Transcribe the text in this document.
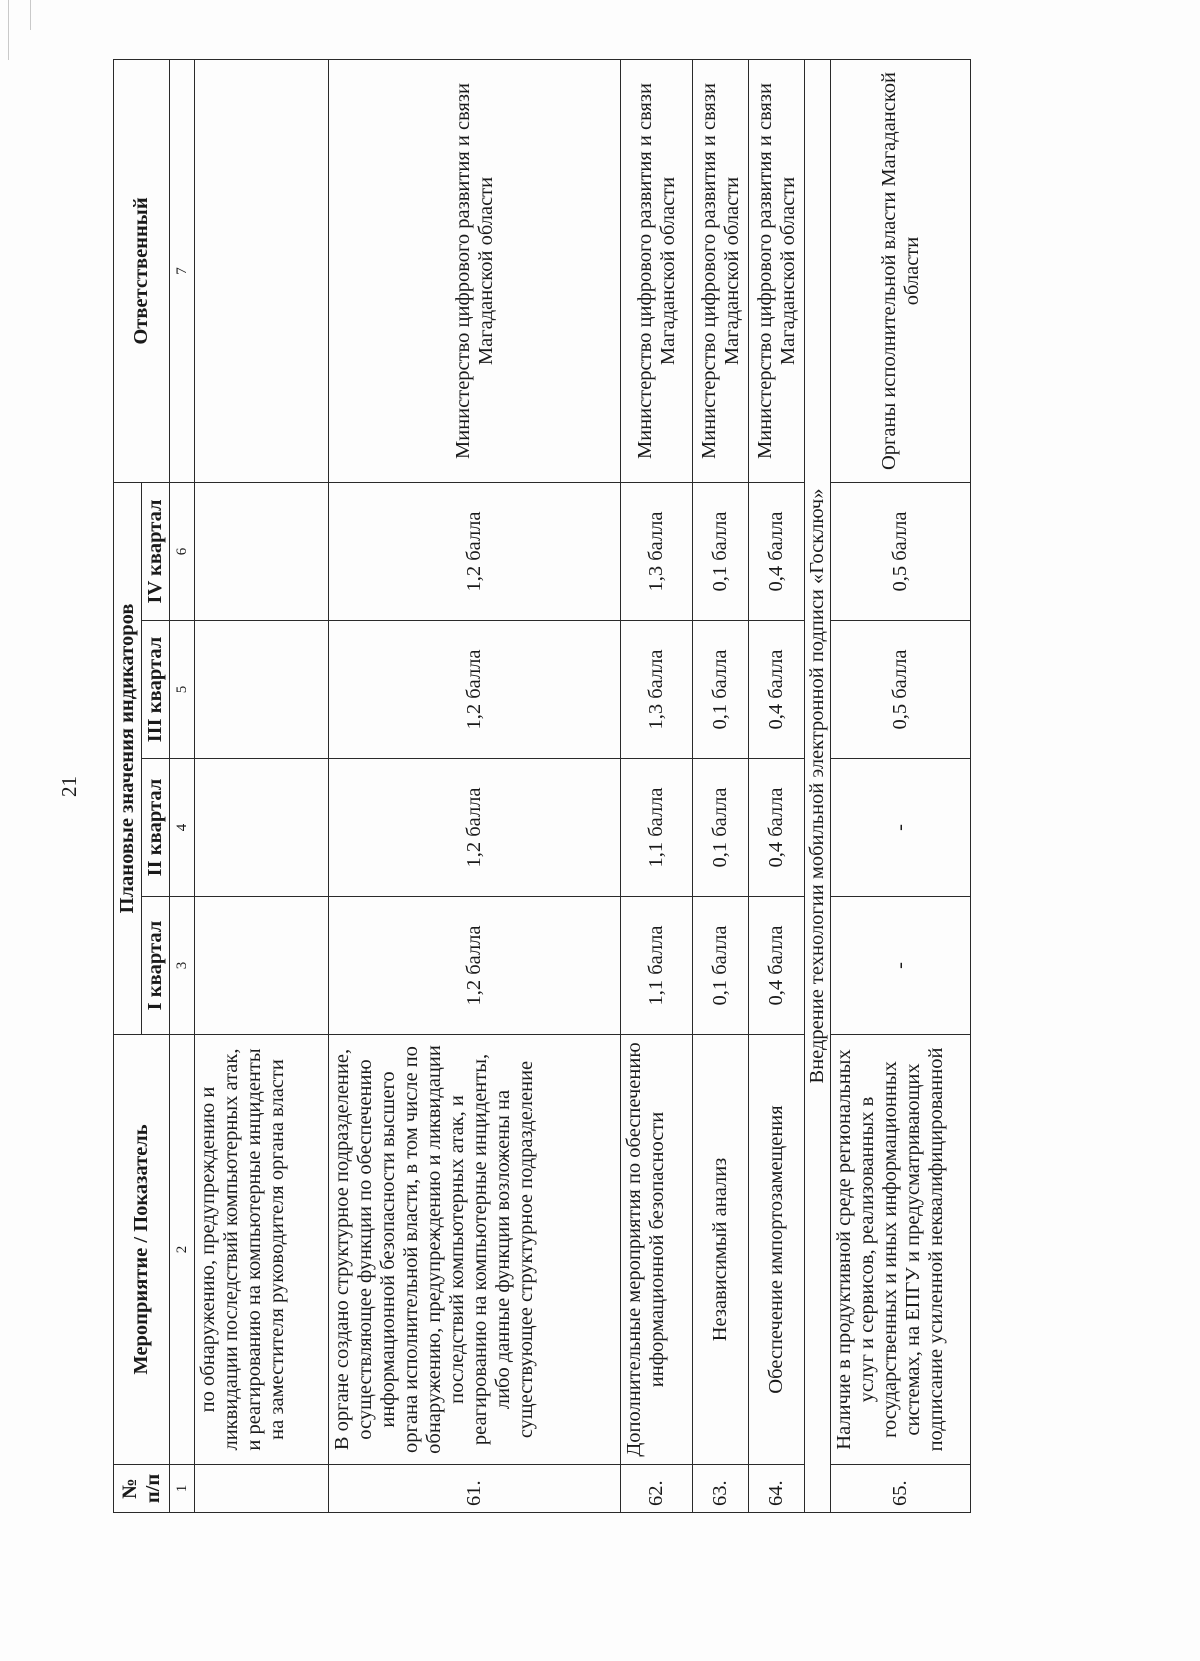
21
№ п/п	Мероприятие / Показатель	Плановые значения индикаторов				Ответственный
		I квартал	II квартал	III квартал	IV квартал	
1	2	3	4	5	6	7
	по обнаружению, предупреждению и ликвидации последствий компьютерных атак, и реагированию на компьютерные инциденты на заместителя руководителя органа власти					
61.	В органе создано структурное подразделение, осуществляющее функции по обеспечению информационной безопасности высшего органа исполнительной власти, в том числе по обнаружению, предупреждению и ликвидации последствий компьютерных атак, и реагированию на компьютерные инциденты, либо данные функции возложены на существующее структурное подразделение	1,2 балла	1,2 балла	1,2 балла	1,2 балла	Министерство цифрового развития и связи Магаданской области
62.	Дополнительные мероприятия по обеспечению информационной безопасности	1,1 балла	1,1 балла	1,3 балла	1,3 балла	Министерство цифрового развития и связи Магаданской области
63.	Независимый анализ	0,1 балла	0,1 балла	0,1 балла	0,1 балла	Министерство цифрового развития и связи Магаданской области
64.	Обеспечение импортозамещения	0,4 балла	0,4 балла	0,4 балла	0,4 балла	Министерство цифрового развития и связи Магаданской области
Внедрение технологии мобильной электронной подписи «Госключ»						
65.	Наличие в продуктивной среде региональных услуг и сервисов, реализованных в государственных и иных информационных системах, на ЕПГУ и предусматривающих подписание усиленной неквалифицированной	-	-	0,5 балла	0,5 балла	Органы исполнительной власти Магаданской области
